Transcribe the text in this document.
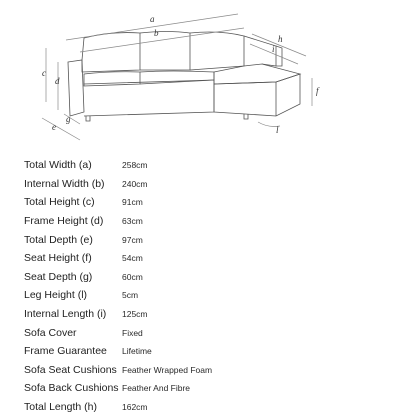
a
b
c
d
e
g
h
i
f
l
Total Width (a)	258cm
Internal Width (b)	240cm
Total Height (c)	91cm
Frame Height (d)	63cm
Total Depth (e)	97cm
Seat Height (f)	54cm
Seat Depth (g)	60cm
Leg Height (l)	5cm
Internal Length (i)	125cm
Sofa Cover	Fixed
Frame Guarantee	Lifetime
Sofa Seat Cushions	Feather Wrapped Foam
Sofa Back Cushions	Feather And Fibre
Total Length (h)	162cm
